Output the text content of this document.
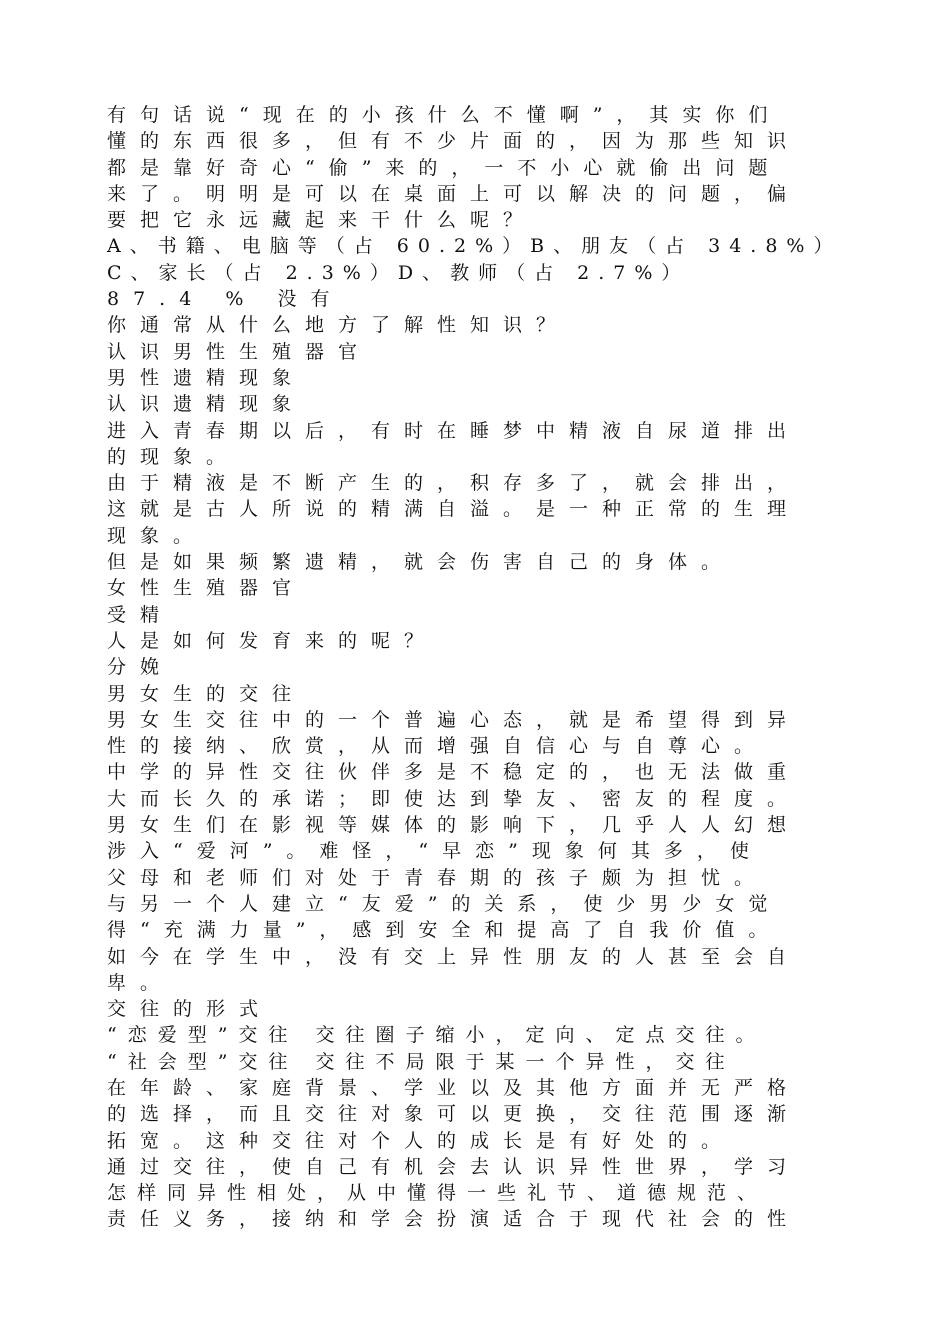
有句话说“现在的小孩什么不懂啊”，其实你们
懂的东西很多，但有不少片面的，因为那些知识
都是靠好奇心“偷”来的，一不小心就偷出问题
来了。明明是可以在桌面上可以解决的问题，偏
要把它永远藏起来干什么呢？
A、书籍、电脑等（占 60.2%）B、朋友（占 34.8%）
C、家长（占 2.3%）D、教师（占 2.7%）
87.4 % 没有
你通常从什么地方了解性知识？
认识男性生殖器官
男性遗精现象
认识遗精现象
进入青春期以后，有时在睡梦中精液自尿道排出
的现象。
由于精液是不断产生的，积存多了，就会排出，
这就是古人所说的精满自溢。是一种正常的生理
现象。
但是如果频繁遗精，就会伤害自己的身体。
女性生殖器官
受精
人是如何发育来的呢？
分娩
男女生的交往
男女生交往中的一个普遍心态，就是希望得到异
性的接纳、欣赏，从而增强自信心与自尊心。
中学的异性交往伙伴多是不稳定的，也无法做重
大而长久的承诺；即使达到挚友、密友的程度。
男女生们在影视等媒体的影响下，几乎人人幻想
涉入“爱河”。难怪，“早恋”现象何其多，使
父母和老师们对处于青春期的孩子颇为担忧。
与另一个人建立“友爱”的关系，使少男少女觉
得“充满力量”，感到安全和提高了自我价值。
如今在学生中，没有交上异性朋友的人甚至会自
卑。
交往的形式
“恋爱型”交往 交往圈子缩小，定向、定点交往。
“社会型”交往 交往不局限于某一个异性，交往
在年龄、家庭背景、学业以及其他方面并无严格
的选择，而且交往对象可以更换，交往范围逐渐
拓宽。这种交往对个人的成长是有好处的。
通过交往，使自己有机会去认识异性世界，学习
怎样同异性相处，从中懂得一些礼节、道德规范、
责任义务，接纳和学会扮演适合于现代社会的性
